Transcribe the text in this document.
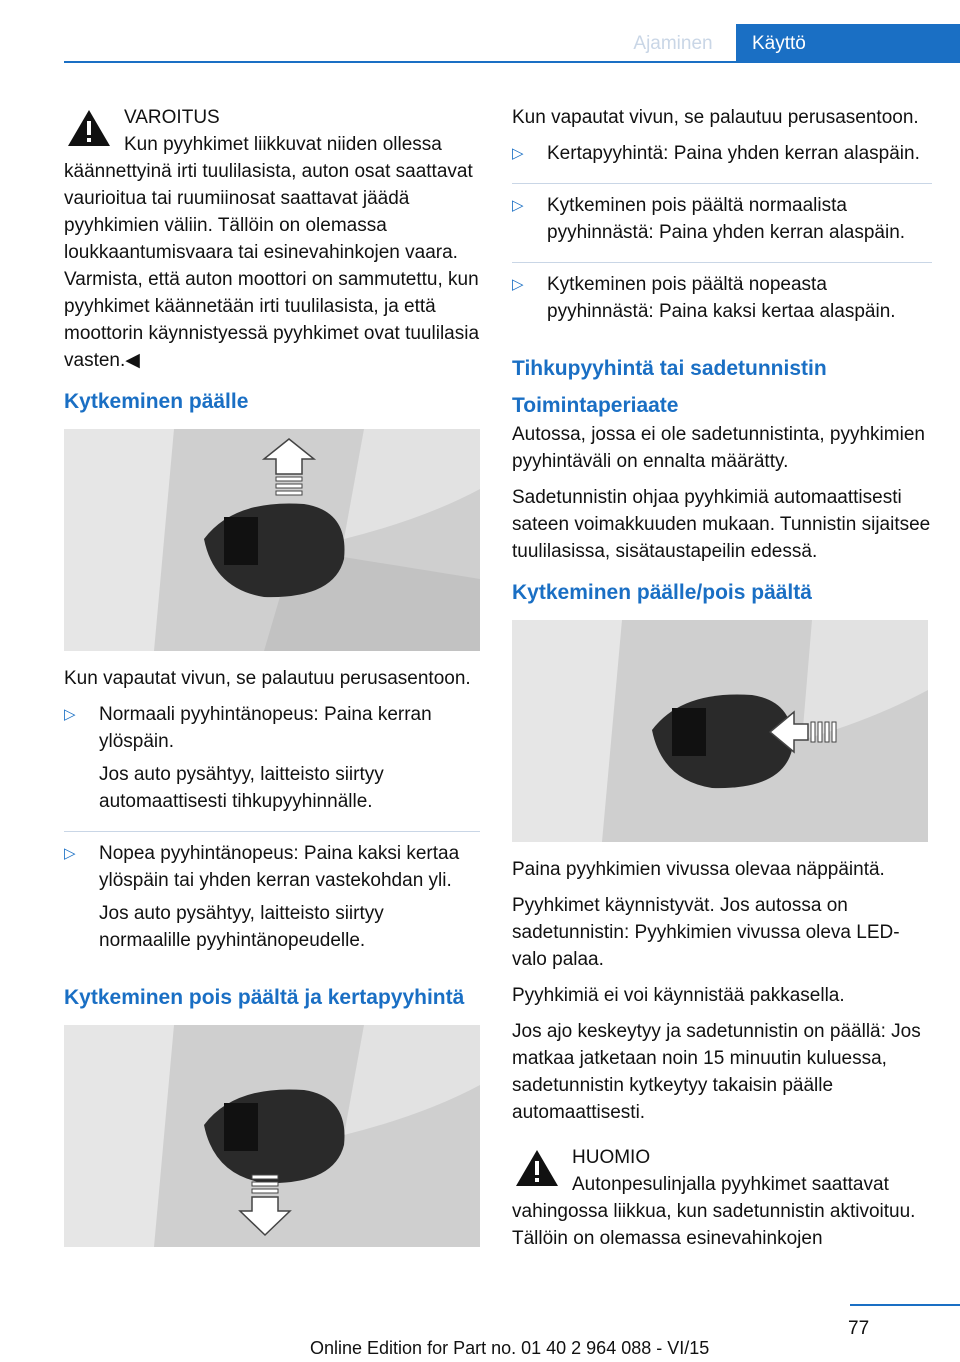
Ajaminen	Käyttö
VAROITUS
Kun pyyhkimet liikkuvat niiden ollessa käännettyinä irti tuulilasista, auton osat saattavat vaurioitua tai ruumiinosat saattavat jäädä pyyhkimien väliin. Tällöin on olemassa loukkaantumisvaara tai esinevahinkojen vaara. Varmista, että auton moottori on sammutettu, kun pyyhkimet käännetään irti tuulilasista, ja että moottorin käynnistyessä pyyhkimet ovat tuulilasia vasten.◀
Kytkeminen päälle

Kun vapautat vivun, se palautuu perusasentoon.

▷ Normaali pyyhintänopeus: Paina kerran ylöspäin.

Jos auto pysähtyy, laitteisto siirtyy automaattisesti tihkupyyhinnälle.

▷ Nopea pyyhintänopeus: Paina kaksi kertaa ylöspäin tai yhden kerran vastekohdan yli.

Jos auto pysähtyy, laitteisto siirtyy normaalille pyyhintänopeudelle.

Kytkeminen pois päältä ja kertapyyhintä

Kun vapautat vivun, se palautuu perusasentoon.

▷ Kertapyyhintä: Paina yhden kerran alaspäin.

▷ Kytkeminen pois päältä normaalista pyyhinnästä: Paina yhden kerran alaspäin.

▷ Kytkeminen pois päältä nopeasta pyyhinnästä: Paina kaksi kertaa alaspäin.

Tihkupyyhintä tai sadetunnistin
Toimintaperiaate

Autossa, jossa ei ole sadetunnistinta, pyyhkimien pyyhintäväli on ennalta määrätty.

Sadetunnistin ohjaa pyyhkimiä automaattisesti sateen voimakkuuden mukaan. Tunnistin sijaitsee tuulilasissa, sisätaustapeilin edessä.

Kytkeminen päälle/pois päältä

Paina pyyhkimien vivussa olevaa näppäintä.

Pyyhkimet käynnistyvät. Jos autossa on sadetunnistin: Pyyhkimien vivussa oleva LED-valo palaa.

Pyyhkimiä ei voi käynnistää pakkasella.

Jos ajo keskeytyy ja sadetunnistin on päällä: Jos matkaa jatketaan noin 15 minuutin kuluessa, sadetunnistin kytkeytyy takaisin päälle automaattisesti.

HUOMIO
Autonpesulinjalla pyyhkimet saattavat vahingossa liikkua, kun sadetunnistin aktivoituu. Tällöin on olemassa esinevahinkojen
77
Online Edition for Part no. 01 40 2 964 088 - VI/15
